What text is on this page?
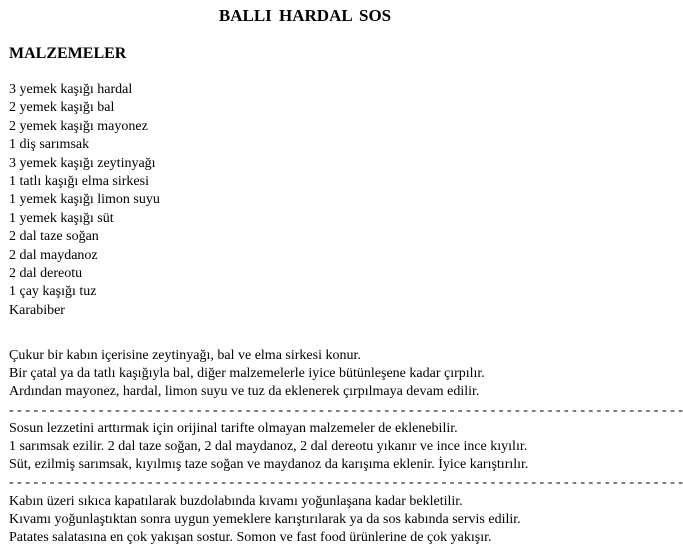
BALLI HARDAL SOS
MALZEMELER
3 yemek kaşığı hardal
2 yemek kaşığı bal
2 yemek kaşığı mayonez
1 diş sarımsak
3 yemek kaşığı zeytinyağı
1 tatlı kaşığı elma sirkesi
1 yemek kaşığı limon suyu
1 yemek kaşığı süt
2 dal taze soğan
2 dal maydanoz
2 dal dereotu
1 çay kaşığı tuz
Karabiber
Çukur bir kabın içerisine zeytinyağı, bal ve elma sirkesi konur.
Bir çatal ya da tatlı kaşığıyla bal, diğer malzemelerle iyice bütünleşene kadar çırpılır.
Ardından mayonez, hardal, limon suyu ve tuz da eklenerek çırpılmaya devam edilir.
- - - - - - - - - - - - - - - - - - - - - - - - - - - - - - - - - - - - - - - - - - - - - - - - - - - - - - - - - - - - - - - - - - - - - - - - - - - - - - - - - - -
Sosun lezzetini arttırmak için orijinal tarifte olmayan malzemeler de eklenebilir.
1 sarımsak ezilir. 2 dal taze soğan, 2 dal maydanoz, 2 dal dereotu yıkanır ve ince ince kıyılır.
Süt, ezilmiş sarımsak, kıyılmış taze soğan ve maydanoz da karışıma eklenir. İyice karıştırılır.
- - - - - - - - - - - - - - - - - - - - - - - - - - - - - - - - - - - - - - - - - - - - - - - - - - - - - - - - - - - - - - - - - - - - - - - - - - - - - - - - - - -
Kabın üzeri sıkıca kapatılarak buzdolabında kıvamı yoğunlaşana kadar bekletilir.
Kıvamı yoğunlaştıktan sonra uygun yemeklere karıştırılarak ya da sos kabında servis edilir.
Patates salatasına en çok yakışan sostur. Somon ve fast food ürünlerine de çok yakışır.
